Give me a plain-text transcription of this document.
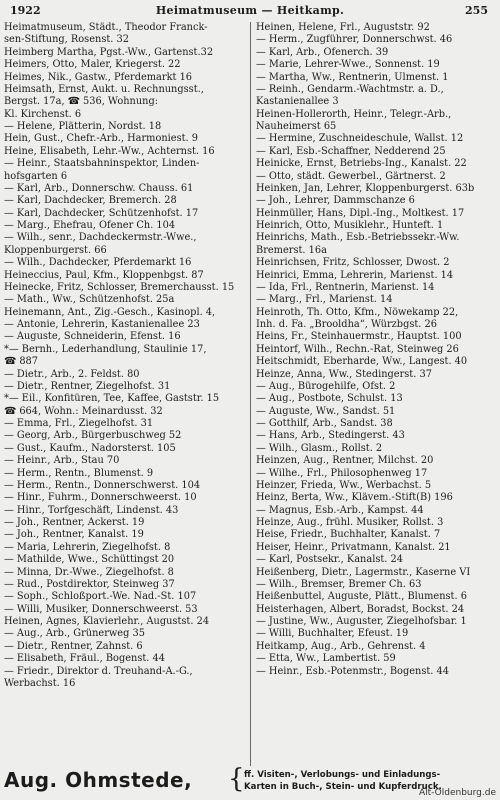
1922	Heimatmuseum — Heitkamp.	255
Heimatmuseum, Städt., Theodor Franck-
sen-Stiftung, Rosenst. 32
Heimberg Martha, Pgst.-Ww., Gartenst.32
Heimers, Otto, Maler, Kriegerst. 22
Heimes, Nik., Gastw., Pferdemarkt 16
Heimsath, Ernst, Aukt. u. Rechnungsst.,
Bergst. 17a, ☎ 536, Wohnung:
Kl. Kirchenst. 6
— Helene, Plätterin, Nordst. 18
Hein, Gust., Chefr.-Arb., Harmoniest. 9
Heine, Elisabeth, Lehr.-Ww., Achternst. 16
— Heinr., Staatsbahninspektor, Linden-
hofsgarten 6
— Karl, Arb., Donnerschw. Chauss. 61
— Karl, Dachdecker, Bremerch. 28
— Karl, Dachdecker, Schützenhofst. 17
— Marg., Ehefrau, Ofener Ch. 104
— Wilh., senr., Dachdeckermstr.-Wwe.,
Kloppenburgerst. 66
— Wilh., Dachdecker, Pferdemarkt 16
Heineccius, Paul, Kfm., Kloppenbgst. 87
Heinecke, Fritz, Schlosser, Bremerchausst. 15
— Math., Ww., Schützenhofst. 25a
Heinemann, Ant., Zig.-Gesch., Kasinopl. 4,
— Antonie, Lehrerin, Kastanienallee 23
— Auguste, Schneiderin, Efenst. 16
*— Bernh., Lederhandlung, Staulinie 17,
☎ 887
— Dietr., Arb., 2. Feldst. 80
— Dietr., Rentner, Ziegelhofst. 31
*— Eil., Konfitüren, Tee, Kaffee, Gaststr. 15
☎ 664, Wohn.: Meinardusst. 32
— Emma, Frl., Ziegelhofst. 31
— Georg, Arb., Bürgerbuschweg 52
— Gust., Kaufm., Nadorsterst. 105
— Heinr., Arb., Stau 70
— Herm., Rentn., Blumenst. 9
— Herm., Rentn., Donnerschwerst. 104
— Hinr., Fuhrm., Donnerschweerst. 10
— Hinr., Torfgeschäft, Lindenst. 43
— Joh., Rentner, Ackerst. 19
— Joh., Rentner, Kanalst. 19
— Maria, Lehrerin, Ziegelhofst. 8
— Mathilde, Wwe., Schüttingst 20
— Minna, Dr.-Wwe., Ziegelhofst. 8
— Rud., Postdirektor, Steinweg 37
— Soph., Schloßport.-We. Nad.-St. 107
— Willi, Musiker, Donnerschweerst. 53
Heinen, Agnes, Klavierlehr., Augustst. 24
— Aug., Arb., Grünerweg 35
— Dietr., Rentner, Zahnst. 6
— Elisabeth, Fräul., Bogenst. 44
— Friedr., Direktor d. Treuhand-A.-G.,
Werbachst. 16
Heinen, Helene, Frl., Auguststr. 92
— Herm., Zugführer, Donnerschwst. 46
— Karl, Arb., Ofenerch. 39
— Marie, Lehrer-Wwe., Sonnenst. 19
— Martha, Ww., Rentnerin, Ulmenst. 1
— Reinh., Gendarm.-Wachtmstr. a. D.,
Kastanienallee 3
Heinen-Hollerorth, Heinr., Telegr.-Arb.,
Nauheimerst 65
— Hermine, Zuschneideschule, Wallst. 12
— Karl, Esb.-Schaffner, Nedderend 25
Heinicke, Ernst, Betriebs-Ing., Kanalst. 22
— Otto, städt. Gewerbel., Gärtnerst. 2
Heinken, Jan, Lehrer, Kloppenburgerst. 63b
— Joh., Lehrer, Dammschanze 6
Heinmüller, Hans, Dipl.-Ing., Moltkest. 17
Heinrich, Otto, Musiklehr., Hunteft. 1
Heinrichs, Math., Esb.-Betriebssekr.-Ww.
Bremerst. 16a
Heinrichsen, Fritz, Schlosser, Dwost. 2
Heinrici, Emma, Lehrerin, Marienst. 14
— Ida, Frl., Rentnerin, Marienst. 14
— Marg., Frl., Marienst. 14
Heinroth, Th. Otto, Kfm., Nöwekamp 22,
Inh. d. Fa. „Brooldha“, Würzbgst. 26
Heins, Fr., Steinhauermstr., Hauptst. 100
Heintorf, Wilh., Rechn.-Rat, Steinweg 26
Heitschmidt, Eberharde, Ww., Langest. 40
Heinze, Anna, Ww., Stedingerst. 37
— Aug., Bürogehilfe, Ofst. 2
— Aug., Postbote, Schulst. 13
— Auguste, Ww., Sandst. 51
— Gotthilf, Arb., Sandst. 38
— Hans, Arb., Stedingerst. 43
— Wilh., Glasm., Rollst. 2
Heinzen, Aug., Rentner, Milchst. 20
— Wilhe., Frl., Philosophenweg 17
Heinzer, Frieda, Ww., Werbachst. 5
Heinz, Berta, Ww., Klävem.-Stift(B) 196
— Magnus, Esb.-Arb., Kampst. 44
Heinze, Aug., frühl. Musiker, Rollst. 3
Heise, Friedr., Buchhalter, Kanalst. 7
Heiser, Heinr., Privatmann, Kanalst. 21
— Karl, Postsekr., Kanalst. 24
Heißenberg, Dietr., Lagermstr., Kaserne VI
— Wilh., Bremser, Bremer Ch. 63
Heißenbuttel, Auguste, Plätt., Blumenst. 6
Heisterhagen, Albert, Boradst, Bockst. 24
— Justine, Ww., Auguster, Ziegelhofsbar. 1
— Willi, Buchhalter, Efeust. 19
Heitkamp, Aug., Arb., Gehrenst. 4
— Etta, Ww., Lambertist. 59
— Heinr., Esb.-Potenmstr., Bogenst. 44
Aug. Ohmstede, { ff. Visiten-, Verlobungs- und Einladungs-
Karten in Buch-, Stein- und Kupferdruck.
Alt-Oldenburg.de
